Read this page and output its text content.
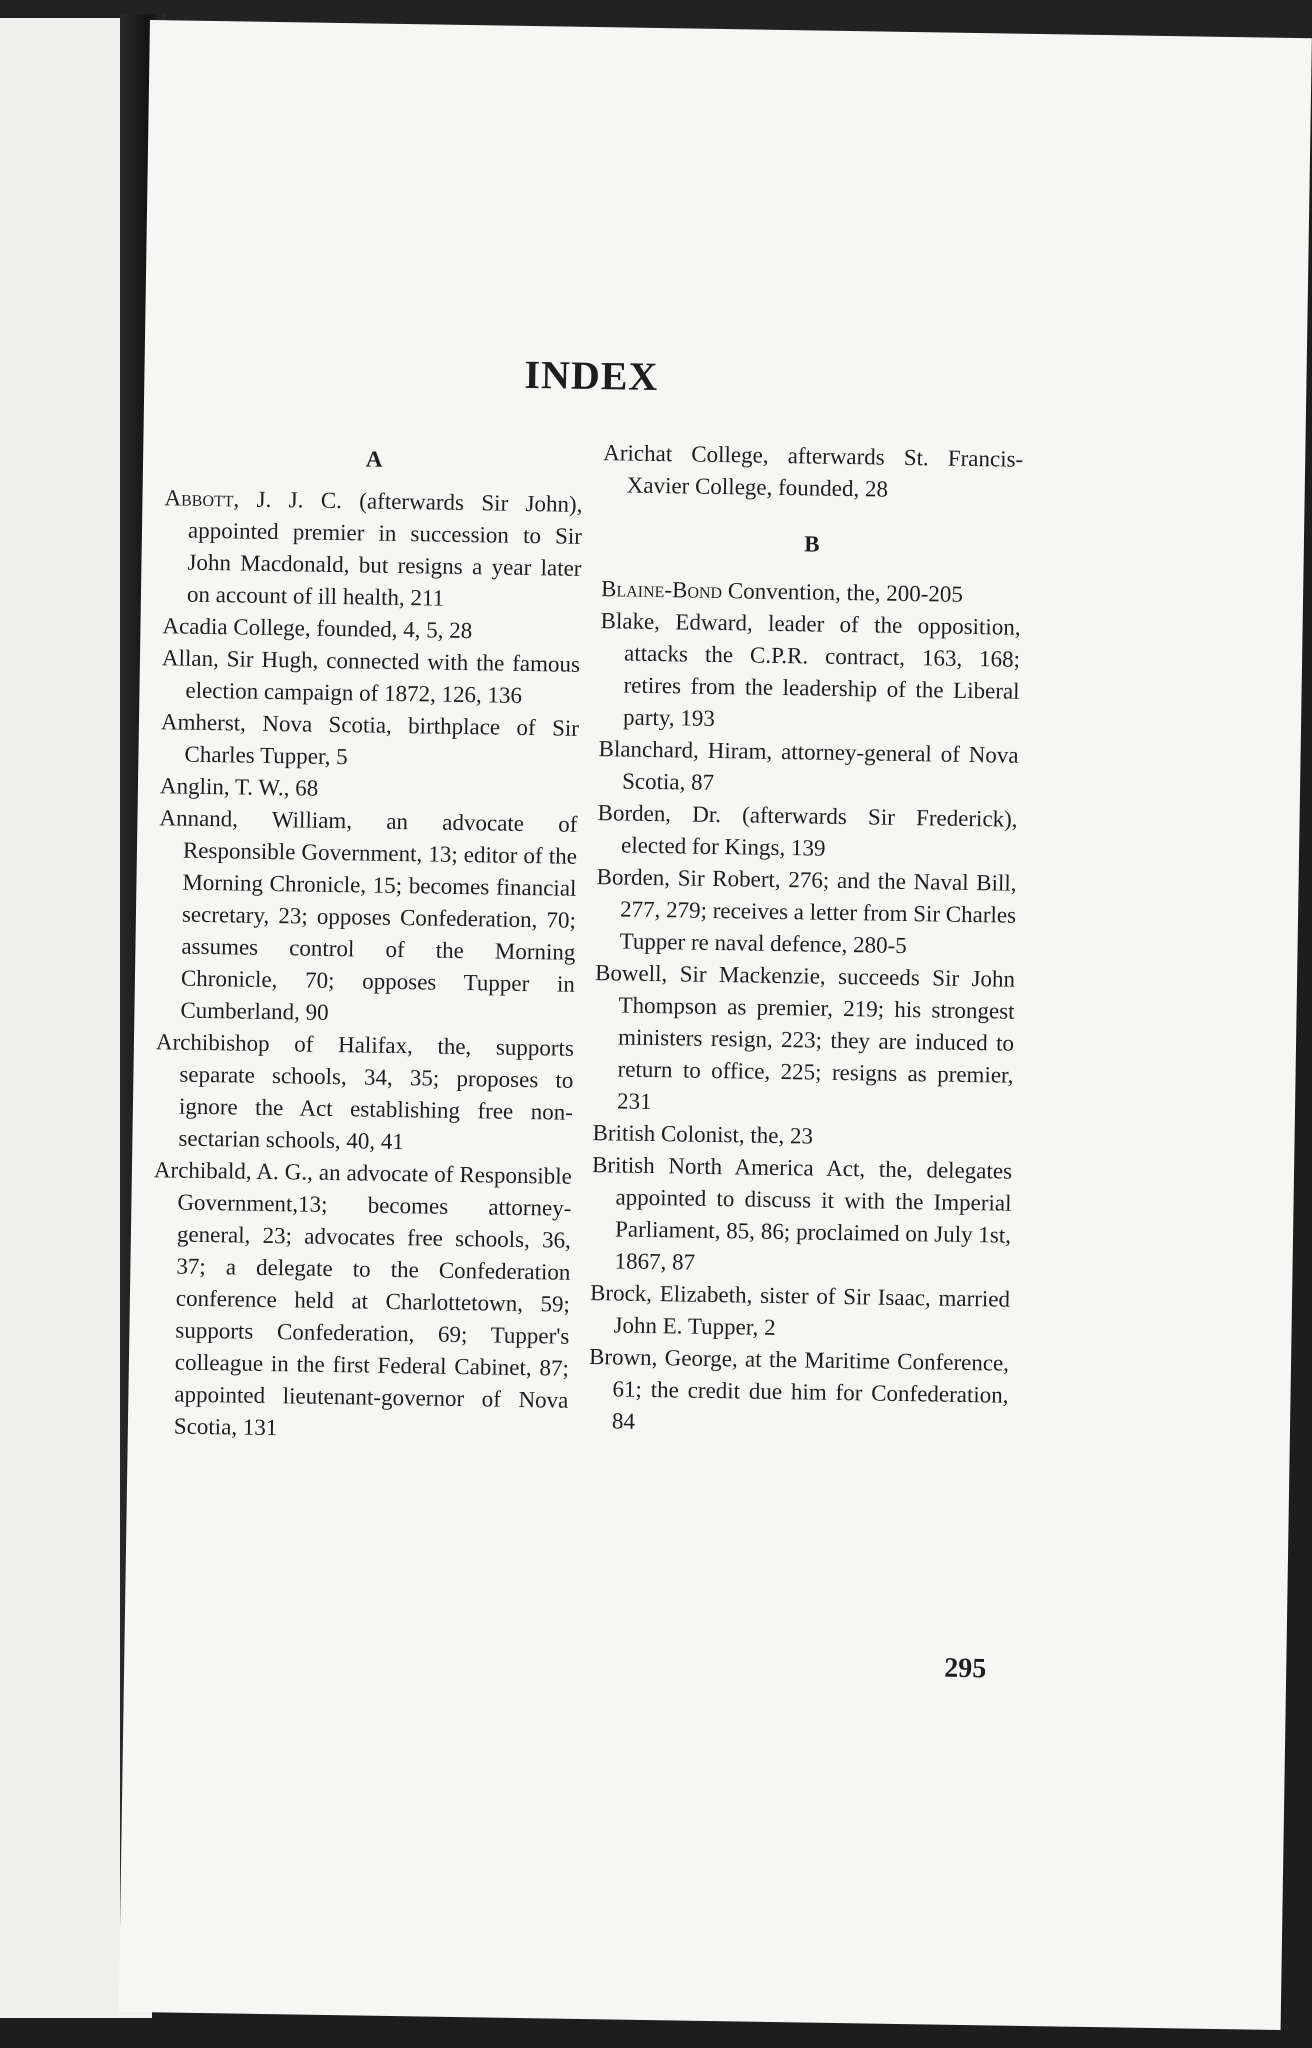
INDEX

A

Abbott, J. J. C. (afterwards Sir John), appointed premier in succession to Sir John Macdonald, but resigns a year later on account of ill health, 211

Acadia College, founded, 4, 5, 28

Allan, Sir Hugh, connected with the famous election campaign of 1872, 126, 136

Amherst, Nova Scotia, birthplace of Sir Charles Tupper, 5

Anglin, T. W., 68

Annand, William, an advocate of Responsible Government, 13; editor of the Morning Chronicle, 15; becomes financial secretary, 23; opposes Confederation, 70; assumes control of the Morning Chronicle, 70; opposes Tupper in Cumberland, 90

Archibishop of Halifax, the, supports separate schools, 34, 35; proposes to ignore the Act establishing free non-sectarian schools, 40, 41

Archibald, A. G., an advocate of Responsible Government,13; becomes attorney-general, 23; advocates free schools, 36, 37; a delegate to the Confederation conference held at Charlottetown, 59; supports Confederation, 69; Tupper's colleague in the first Federal Cabinet, 87; appointed lieutenant-governor of Nova Scotia, 131

Arichat College, afterwards St. Francis-Xavier College, founded, 28

B

Blaine-Bond Convention, the, 200-205

Blake, Edward, leader of the opposition, attacks the C.P.R. contract, 163, 168; retires from the leadership of the Liberal party, 193

Blanchard, Hiram, attorney-general of Nova Scotia, 87

Borden, Dr. (afterwards Sir Frederick), elected for Kings, 139

Borden, Sir Robert, 276; and the Naval Bill, 277, 279; receives a letter from Sir Charles Tupper re naval defence, 280-5

Bowell, Sir Mackenzie, succeeds Sir John Thompson as premier, 219; his strongest ministers resign, 223; they are induced to return to office, 225; resigns as premier, 231

British Colonist, the, 23

British North America Act, the, delegates appointed to discuss it with the Imperial Parliament, 85, 86; proclaimed on July 1st, 1867, 87

Brock, Elizabeth, sister of Sir Isaac, married John E. Tupper, 2

Brown, George, at the Maritime Conference, 61; the credit due him for Confederation, 84

295
